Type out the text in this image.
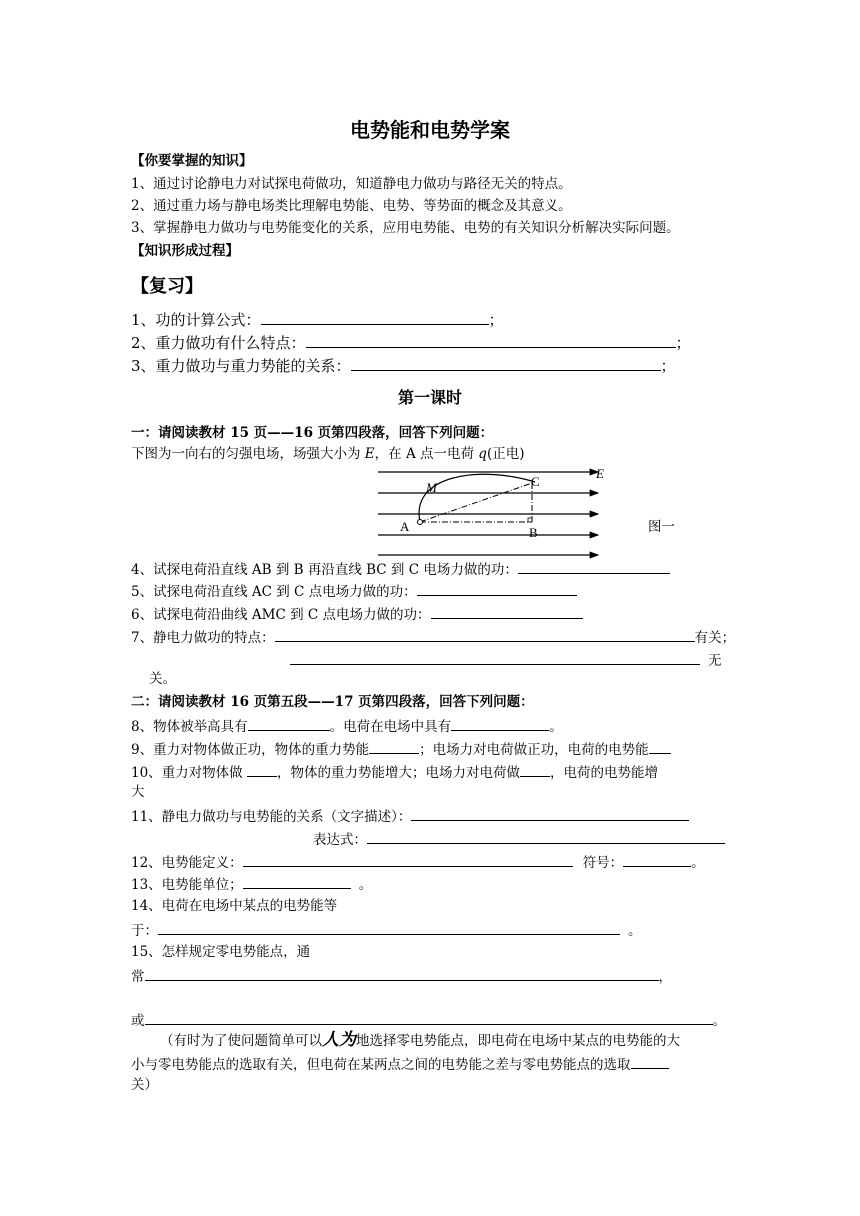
电势能和电势学案
【你要掌握的知识】
1、通过讨论静电力对试探电荷做功，知道静电力做功与路径无关的特点。
2、通过重力场与静电场类比理解电势能、电势、等势面的概念及其意义。
3、掌握静电力做功与电势能变化的关系，应用电势能、电势的有关知识分析解决实际问题。
【知识形成过程】
【复习】
1、功的计算公式：	；
2、重力做功有什么特点：	；
3、重力做功与重力势能的关系：	；
第一课时
一：请阅读教材 15 页——16 页第四段落，回答下列问题：
下图为一向右的匀强电场，场强大小为 E，在 A 点一电荷 q(正电)
E
M	C
A	B	图一
4、试探电荷沿直线 AB 到 B 再沿直线 BC 到 C 电场力做的功：
5、试探电荷沿直线 AC 到 C 点电场力做的功：
6、试探电荷沿曲线 AMC 到 C 点电场力做的功：
7、静电力做功的特点：	有关；
无
关。
二：请阅读教材 16 页第五段——17 页第四段落，回答下列问题：
8、物体被举高具有	。电荷在电场中具有	。
9、重力对物体做正功，物体的重力势能	；电场力对电荷做正功，电荷的电势能
10、重力对物体做 ，物体的重力势能增大；电场力对电荷做 ，电荷的电势能增
大
11、静电力做功与电势能的关系（文字描述）：
表达式：
12、电势能定义：	符号：	。
13、电势能单位；	。
14、电荷在电场中某点的电势能等
于：	。
15、怎样规定零电势能点，通
常	，
或	。
（有时为了使问题简单可以人为地选择零电势能点，即电荷在电场中某点的电势能的大
小与零电势能点的选取有关，但电荷在某两点之间的电势能之差与零电势能点的选取
关）
